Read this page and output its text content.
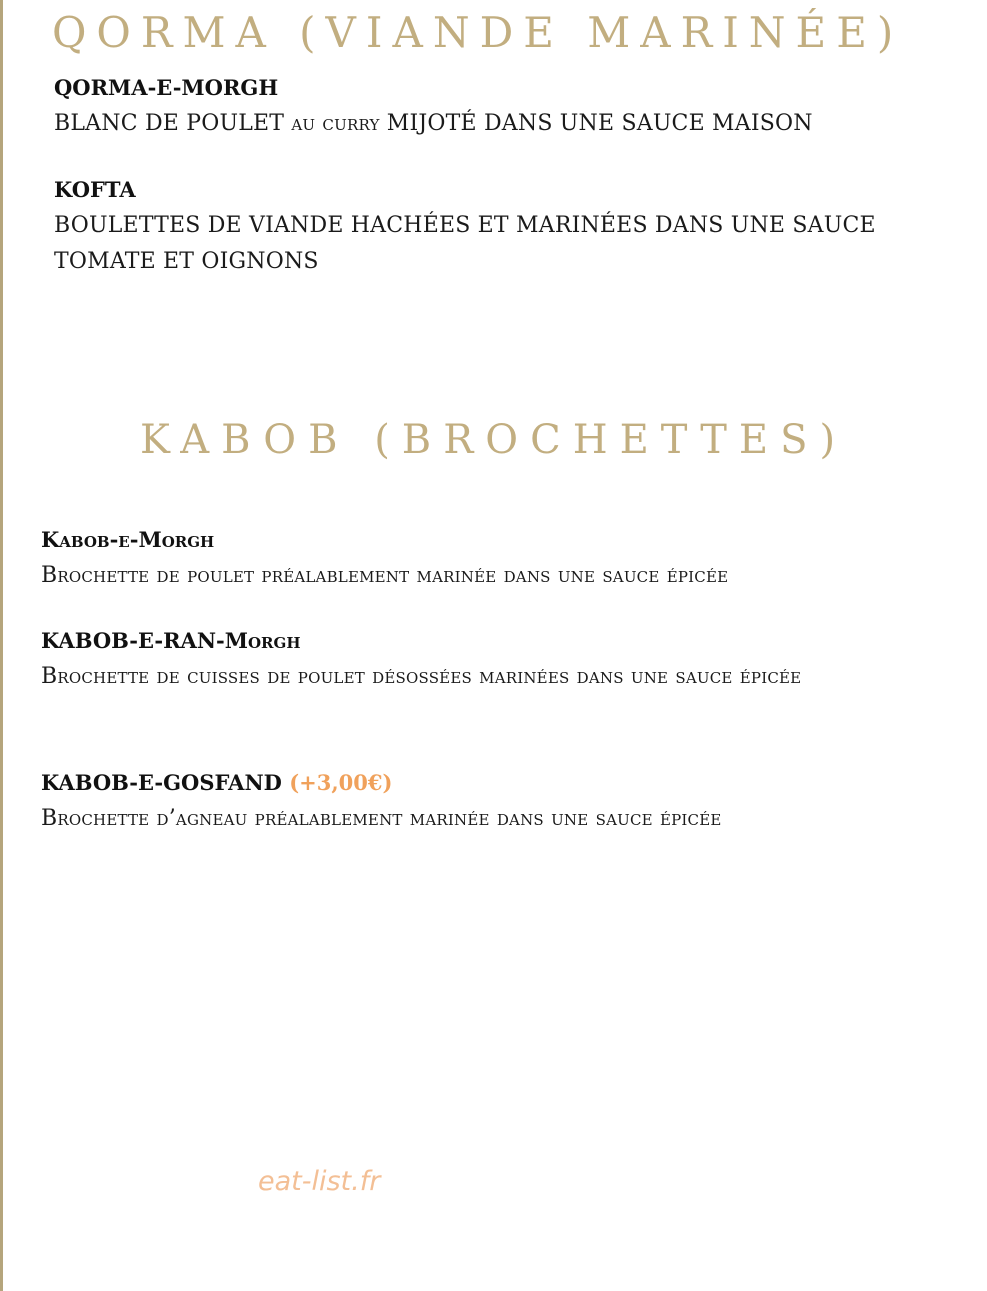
QORMA (VIANDE MARINÉE)

QORMA-E-MORGH

BLANC DE POULET au curry MIJOTÉ DANS UNE SAUCE MAISON

KOFTA

BOULETTES DE VIANDE HACHÉES ET MARINÉES DANS UNE SAUCE TOMATE ET OIGNONS

KABOB (BROCHETTES)

Kabob-e-Morgh

Brochette de poulet préalablement marinée dans une sauce épicée

KABOB-E-RAN-Morgh

Brochette de cuisses de poulet désossées marinées dans une sauce épicée

KABOB-E-GOSFAND (+3,00€)

Brochette d’agneau préalablement marinée dans une sauce épicée

eat-list.fr
